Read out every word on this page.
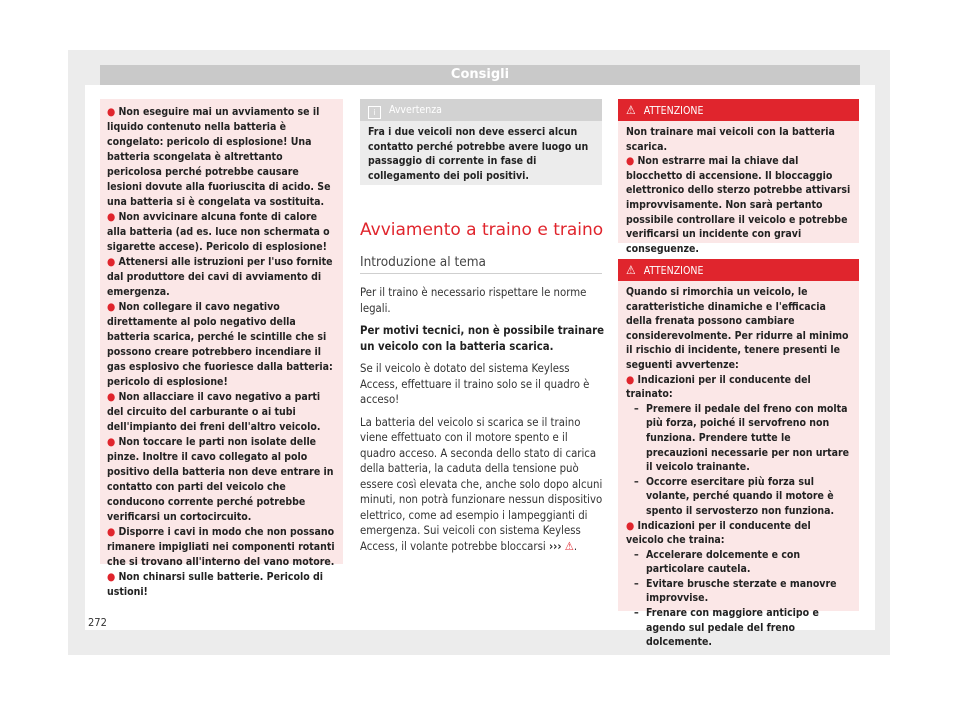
Consigli
● Non eseguire mai un avviamento se il liquido contenuto nella batteria è congelato: pericolo di esplosione! Una batteria scongelata è altrettanto pericolosa perché potrebbe causare lesioni dovute alla fuoriuscita di acido. Se una batteria si è congelata va sostituita.
● Non avvicinare alcuna fonte di calore alla batteria (ad es. luce non schermata o sigarette accese). Pericolo di esplosione!
● Attenersi alle istruzioni per l'uso fornite dal produttore dei cavi di avviamento di emergenza.
● Non collegare il cavo negativo direttamente al polo negativo della batteria scarica, perché le scintille che si possono creare potrebbero incendiare il gas esplosivo che fuoriesce dalla batteria: pericolo di esplosione!
● Non allacciare il cavo negativo a parti del circuito del carburante o ai tubi dell'impianto dei freni dell'altro veicolo.
● Non toccare le parti non isolate delle pinze. Inoltre il cavo collegato al polo positivo della batteria non deve entrare in contatto con parti del veicolo che conducono corrente perché potrebbe verificarsi un cortocircuito.
● Disporre i cavi in modo che non possano rimanere impigliati nei componenti rotanti che si trovano all'interno del vano motore.
● Non chinarsi sulle batterie. Pericolo di ustioni!
i Avvertenza
Fra i due veicoli non deve esserci alcun contatto perché potrebbe avere luogo un passaggio di corrente in fase di collegamento dei poli positivi.
Avviamento a traino e traino
Introduzione al tema

Per il traino è necessario rispettare le norme legali.

Per motivi tecnici, non è possibile trainare un veicolo con la batteria scarica.

Se il veicolo è dotato del sistema Keyless Access, effettuare il traino solo se il quadro è acceso!

La batteria del veicolo si scarica se il traino viene effettuato con il motore spento e il quadro acceso. A seconda dello stato di carica della batteria, la caduta della tensione può essere così elevata che, anche solo dopo alcuni minuti, non potrà funzionare nessun dispositivo elettrico, come ad esempio i lampeggianti di emergenza. Sui veicoli con sistema Keyless Access, il volante potrebbe bloccarsi ››› ⚠.

⚠ ATTENZIONE

Non trainare mai veicoli con la batteria scarica.

● Non estrarre mai la chiave dal blocchetto di accensione. Il bloccaggio elettronico dello sterzo potrebbe attivarsi improvvisamente. Non sarà pertanto possibile controllare il veicolo e potrebbe verificarsi un incidente con gravi conseguenze.

⚠ ATTENZIONE

Quando si rimorchia un veicolo, le caratteristiche dinamiche e l'efficacia della frenata possono cambiare considerevolmente. Per ridurre al minimo il rischio di incidente, tenere presenti le seguenti avvertenze:

● Indicazioni per il conducente del trainato:

– Premere il pedale del freno con molta più forza, poiché il servofreno non funziona. Prendere tutte le precauzioni necessarie per non urtare il veicolo trainante.

– Occorre esercitare più forza sul volante, perché quando il motore è spento il servosterzo non funziona.

● Indicazioni per il conducente del veicolo che traina:

– Accelerare dolcemente e con particolare cautela.

– Evitare brusche sterzate e manovre improvvise.

– Frenare con maggiore anticipo e agendo sul pedale del freno dolcemente.

272
